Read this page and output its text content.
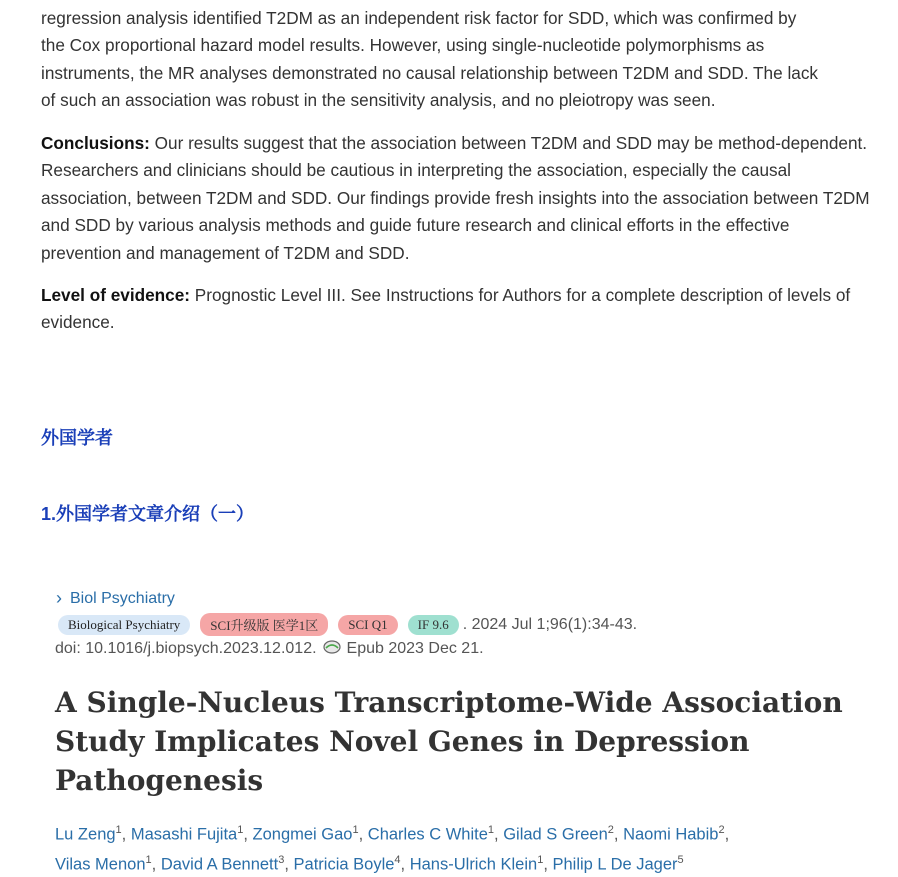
regression analysis identified T2DM as an independent risk factor for SDD, which was confirmed by
the Cox proportional hazard model results. However, using single-nucleotide polymorphisms as
instruments, the MR analyses demonstrated no causal relationship between T2DM and SDD. The lack
of such an association was robust in the sensitivity analysis, and no pleiotropy was seen.
Conclusions: Our results suggest that the association between T2DM and SDD may be method-dependent. Researchers and clinicians should be cautious in interpreting the association, especially the causal association, between T2DM and SDD. Our findings provide fresh insights into the association between T2DM and SDD by various analysis methods and guide future research and clinical efforts in the effective prevention and management of T2DM and SDD.
Level of evidence: Prognostic Level III. See Instructions for Authors for a complete description of levels of evidence.
外国学者
1.外国学者文章介绍（一）
› Biol Psychiatry
Biological Psychiatry	SCI升级版 医学1区	SCI Q1	IF 9.6 . 2024 Jul 1;96(1):34-43.
doi: 10.1016/j.biopsych.2023.12.012. Epub 2023 Dec 21.
A Single-Nucleus Transcriptome-Wide Association Study Implicates Novel Genes in Depression Pathogenesis
Lu Zeng$^1$, Masashi Fujita$^1$, Zongmei Gao$^1$, Charles C White$^1$, Gilad S Green$^2$, Naomi Habib$^2$,
Vilas Menon$^1$, David A Bennett$^3$, Patricia Boyle$^4$, Hans-Ulrich Klein$^1$, Philip L De Jager$^5$
